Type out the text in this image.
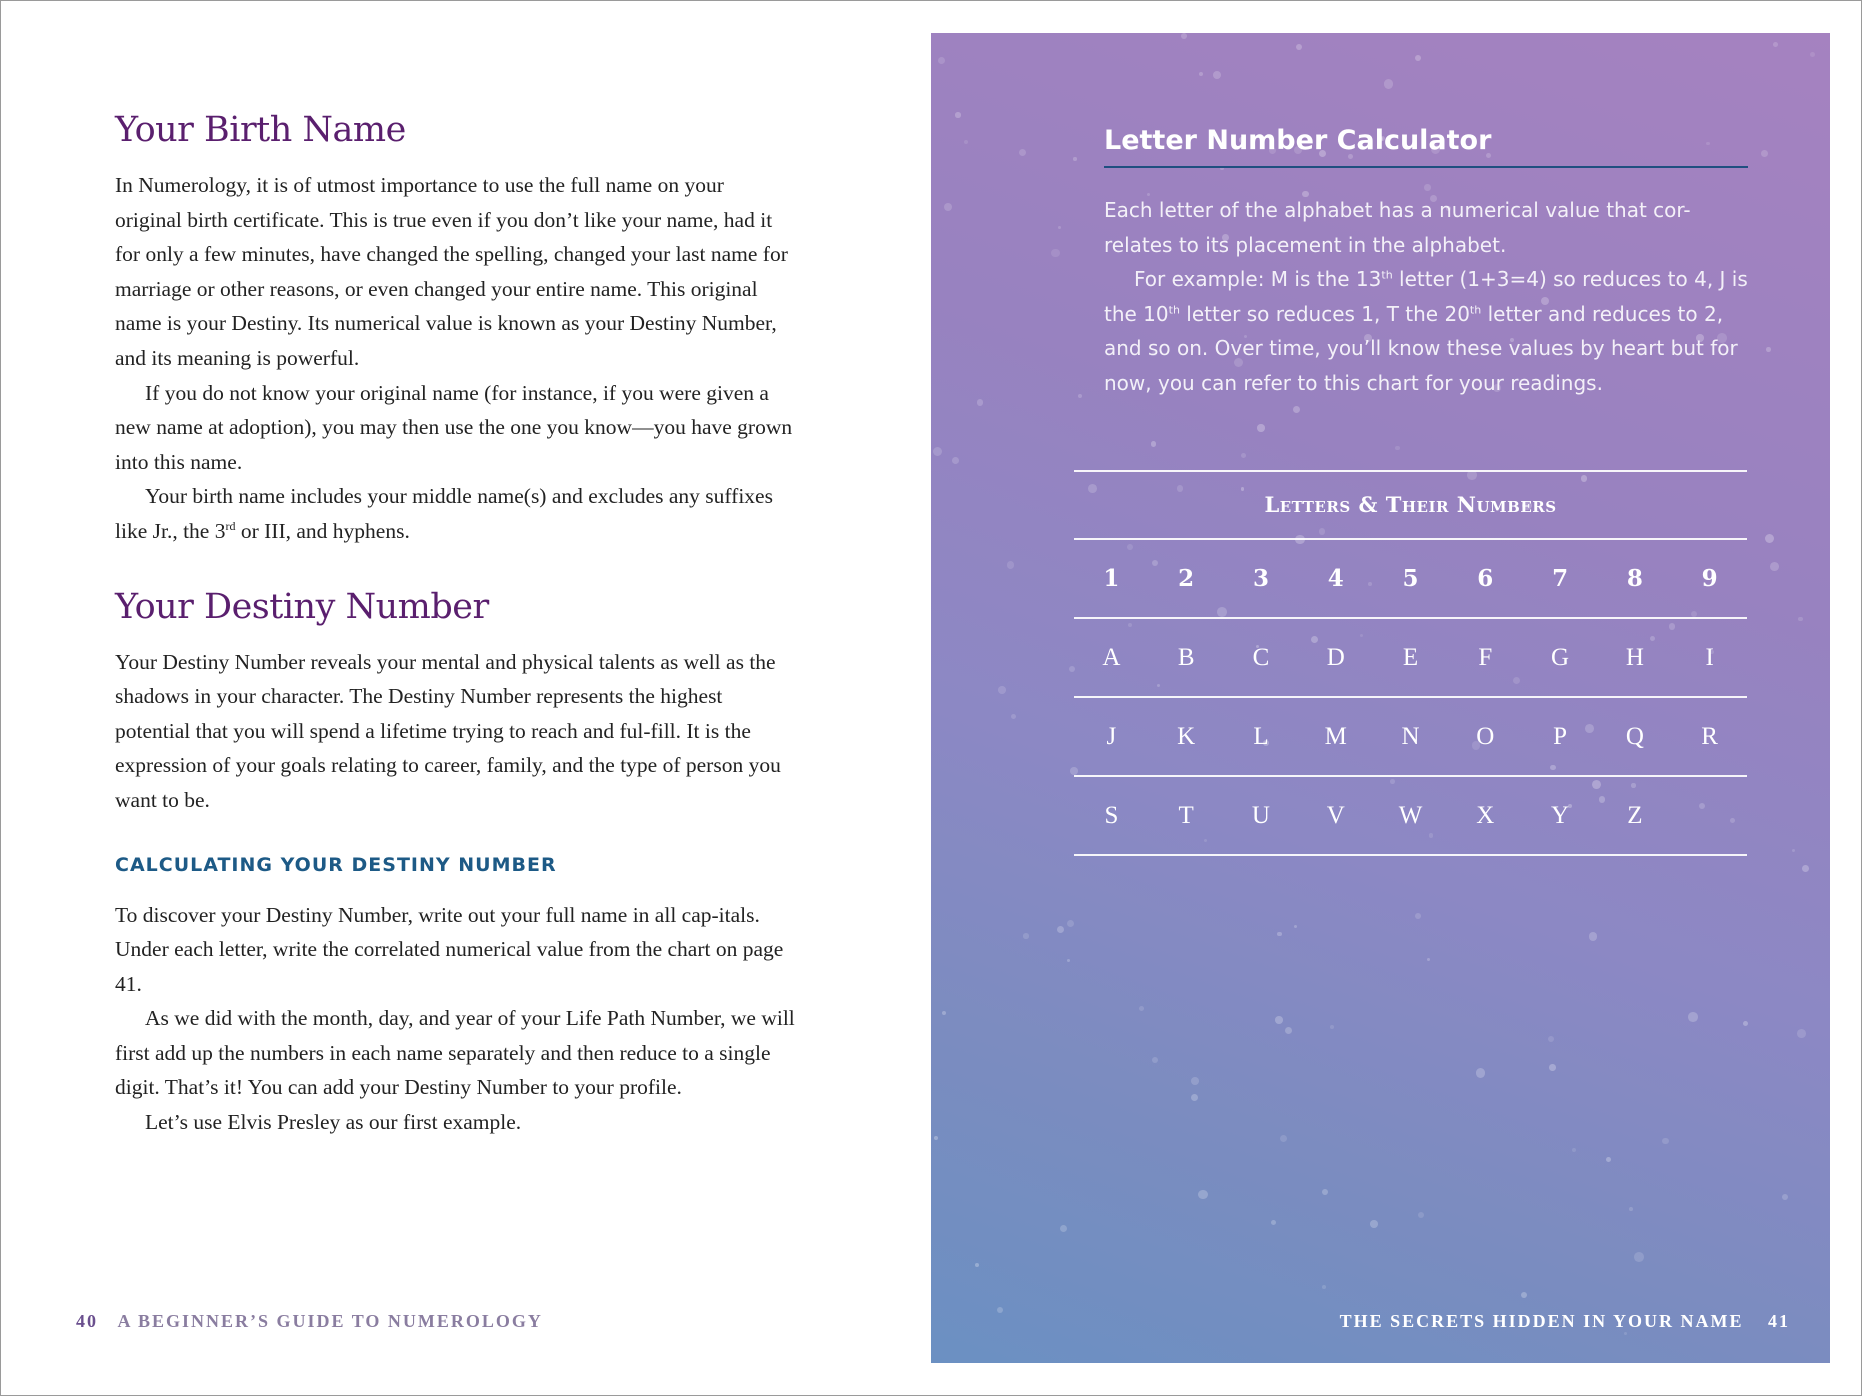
Your Birth Name

In Numerology, it is of utmost importance to use the full name on your original birth certificate. This is true even if you don’t like your name, had it for only a few minutes, have changed the spelling, changed your last name for marriage or other reasons, or even changed your entire name. This original name is your Destiny. Its numerical value is known as your Destiny Number, and its meaning is powerful.

If you do not know your original name (for instance, if you were given a new name at adoption), you may then use the one you know—you have grown into this name.

Your birth name includes your middle name(s) and excludes any suffixes like Jr., the 3rd or III, and hyphens.

Your Destiny Number

Your Destiny Number reveals your mental and physical talents as well as the shadows in your character. The Destiny Number represents the highest potential that you will spend a lifetime trying to reach and ful-fill. It is the expression of your goals relating to career, family, and the type of person you want to be.

CALCULATING YOUR DESTINY NUMBER

To discover your Destiny Number, write out your full name in all cap-itals. Under each letter, write the correlated numerical value from the chart on page 41.

As we did with the month, day, and year of your Life Path Number, we will first add up the numbers in each name separately and then reduce to a single digit. That’s it! You can add your Destiny Number to your profile.

Let’s use Elvis Presley as our first example.

40 A BEGINNER’S GUIDE TO NUMEROLOGY
Letter Number Calculator

Each letter of the alphabet has a numerical value that cor-relates to its placement in the alphabet.

For example: M is the 13th letter (1+3=4) so reduces to 4, J is the 10th letter so reduces 1, T the 20th letter and reduces to 2, and so on. Over time, you’ll know these values by heart but for now, you can refer to this chart for your readings.

Letters & Their Numbers
1	2	3	4	5	6	7	8	9
A	B	C	D	E	F	G	H	I
J	K	L	M	N	O	P	Q	R
S	T	U	V	W	X	Y	Z
THE SECRETS HIDDEN IN YOUR NAME 41
